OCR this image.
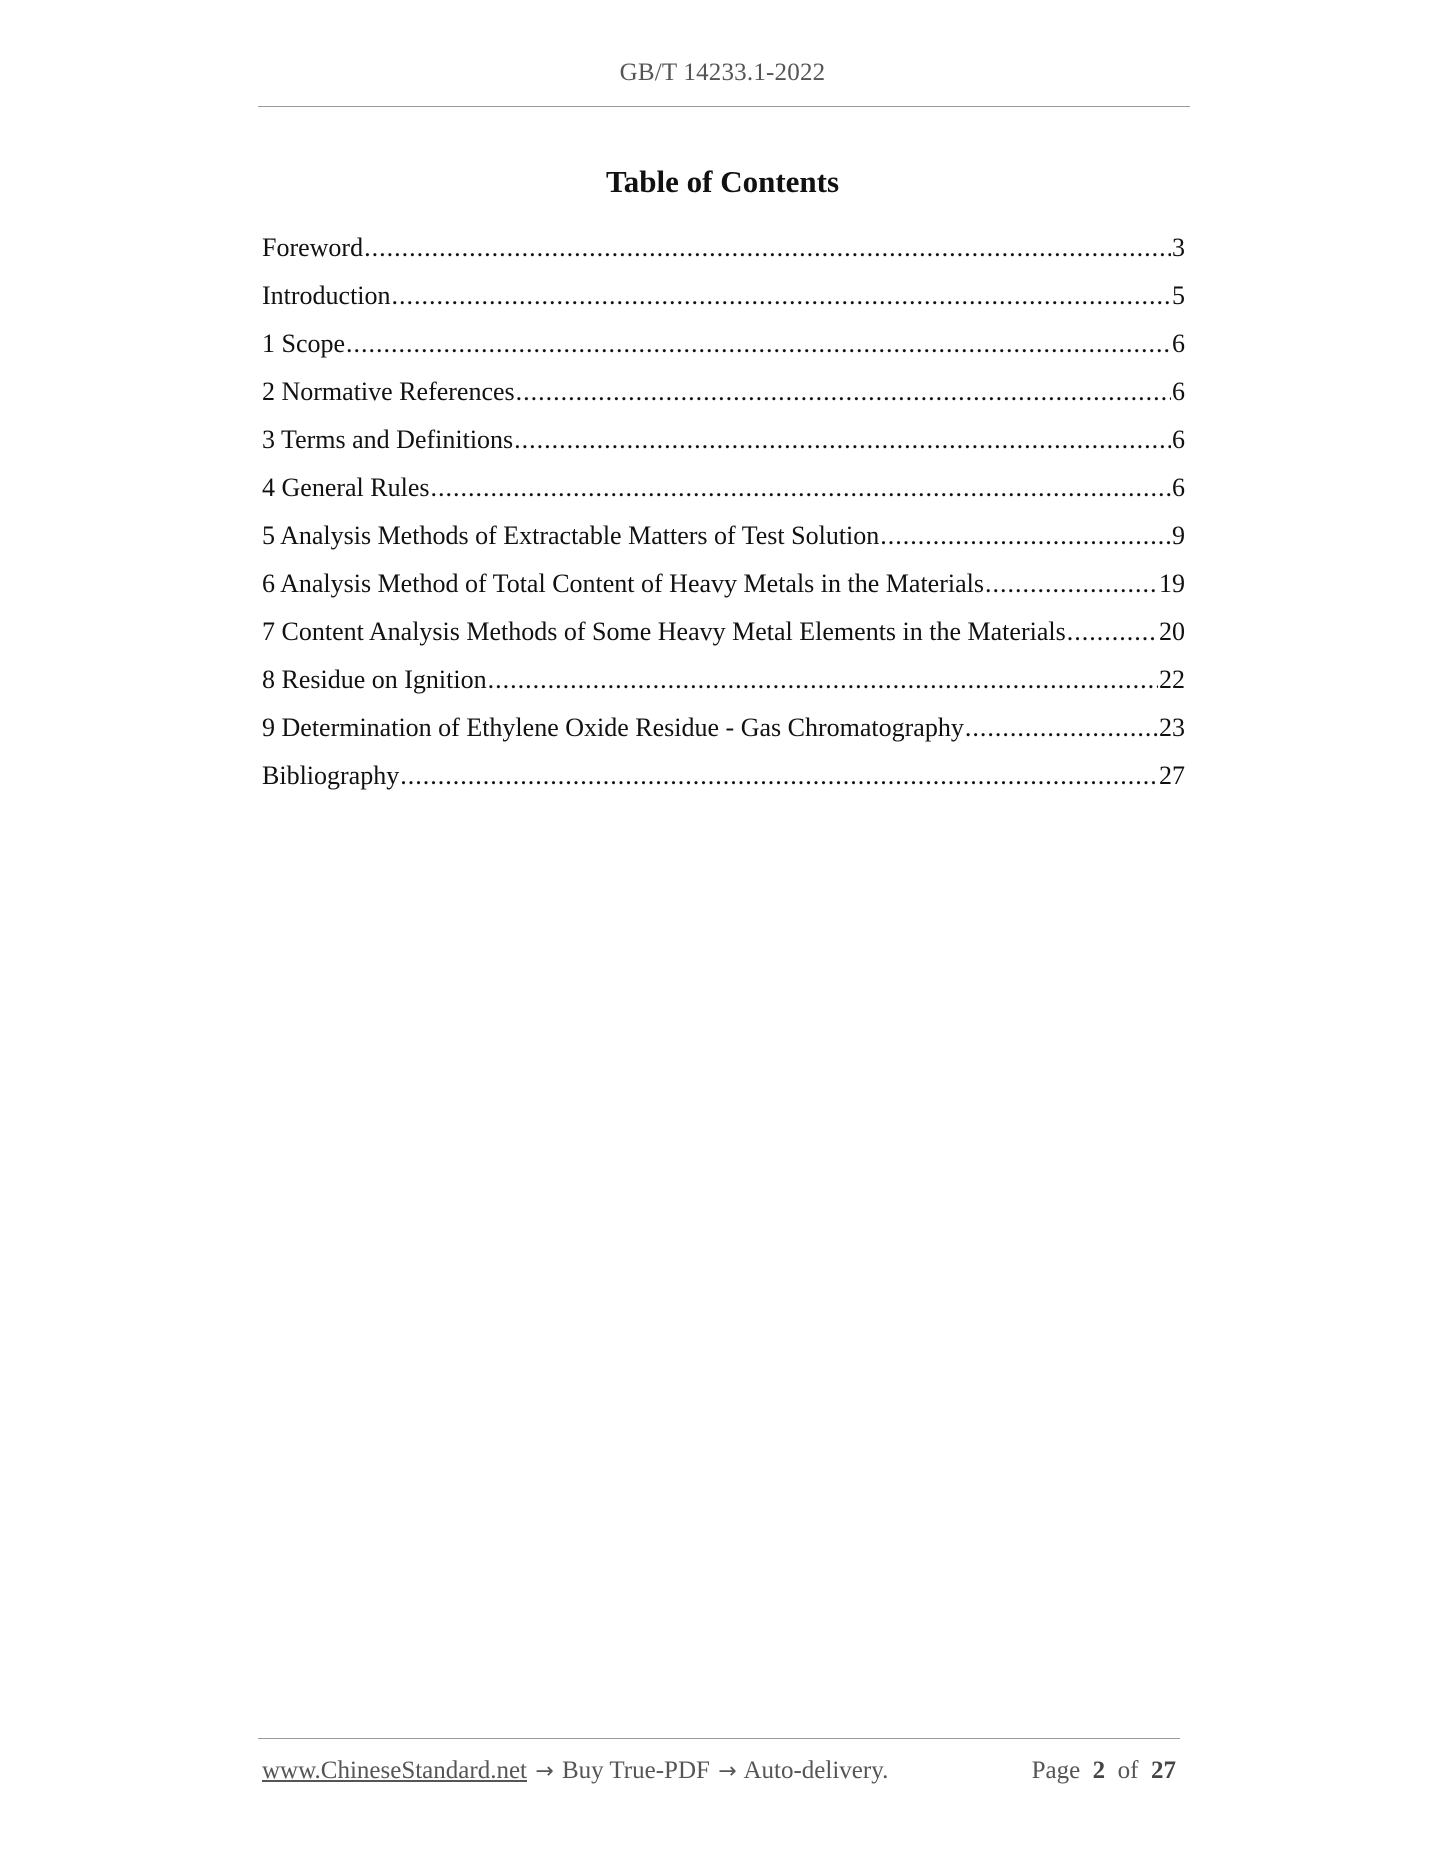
GB/T 14233.1-2022
Table of Contents
Foreword .....	3
Introduction .....	5
1 Scope .....	6
2 Normative References .....	6
3 Terms and Definitions .....	6
4 General Rules .....	6
5 Analysis Methods of Extractable Matters of Test Solution .....	9
6 Analysis Method of Total Content of Heavy Metals in the Materials .....	19
7 Content Analysis Methods of Some Heavy Metal Elements in the Materials .....	20
8 Residue on Ignition .....	22
9 Determination of Ethylene Oxide Residue - Gas Chromatography .....	23
Bibliography .....	27
www.ChineseStandard.net → Buy True-PDF → Auto-delivery.	Page 2 of 27
